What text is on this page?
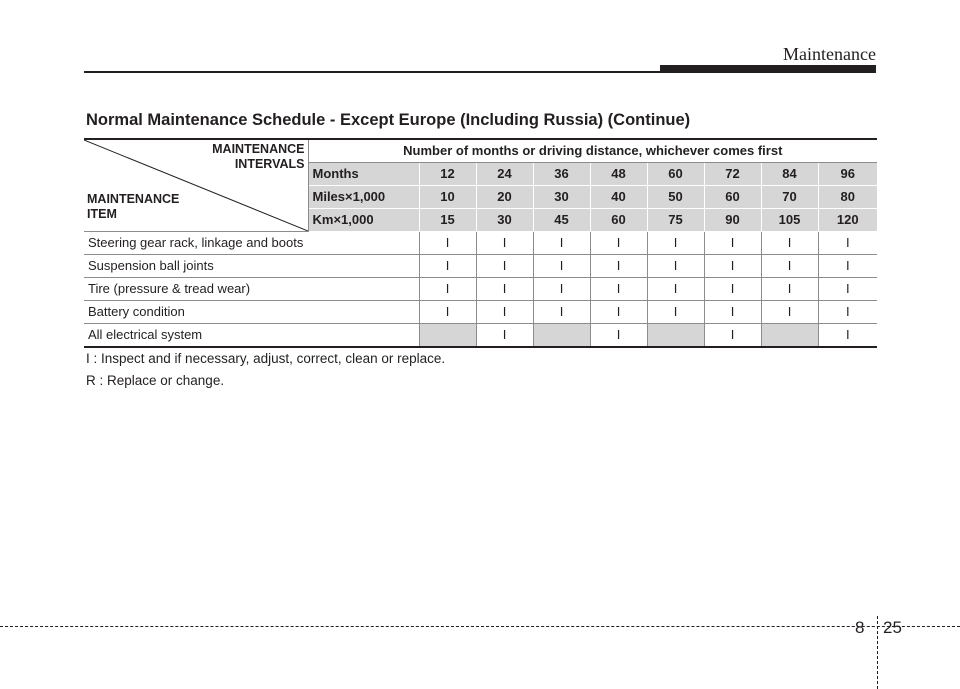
Maintenance
Normal Maintenance Schedule - Except Europe (Including Russia) (Continue)
MAINTENANCE
INTERVALS
MAINTENANCE
ITEM	Number of months or driving distance, whichever comes first								
	Months	12	24	36	48	60	72	84	96
	Miles×1,000	10	20	30	40	50	60	70	80
	Km×1,000	15	30	45	60	75	90	105	120
Steering gear rack, linkage and boots		I	I	I	I	I	I	I	I
Suspension ball joints		I	I	I	I	I	I	I	I
Tire (pressure & tread wear)		I	I	I	I	I	I	I	I
Battery condition		I	I	I	I	I	I	I	I
All electrical system			I		I		I		I
I : Inspect and if necessary, adjust, correct, clean or replace.
R : Replace or change.
8 25
